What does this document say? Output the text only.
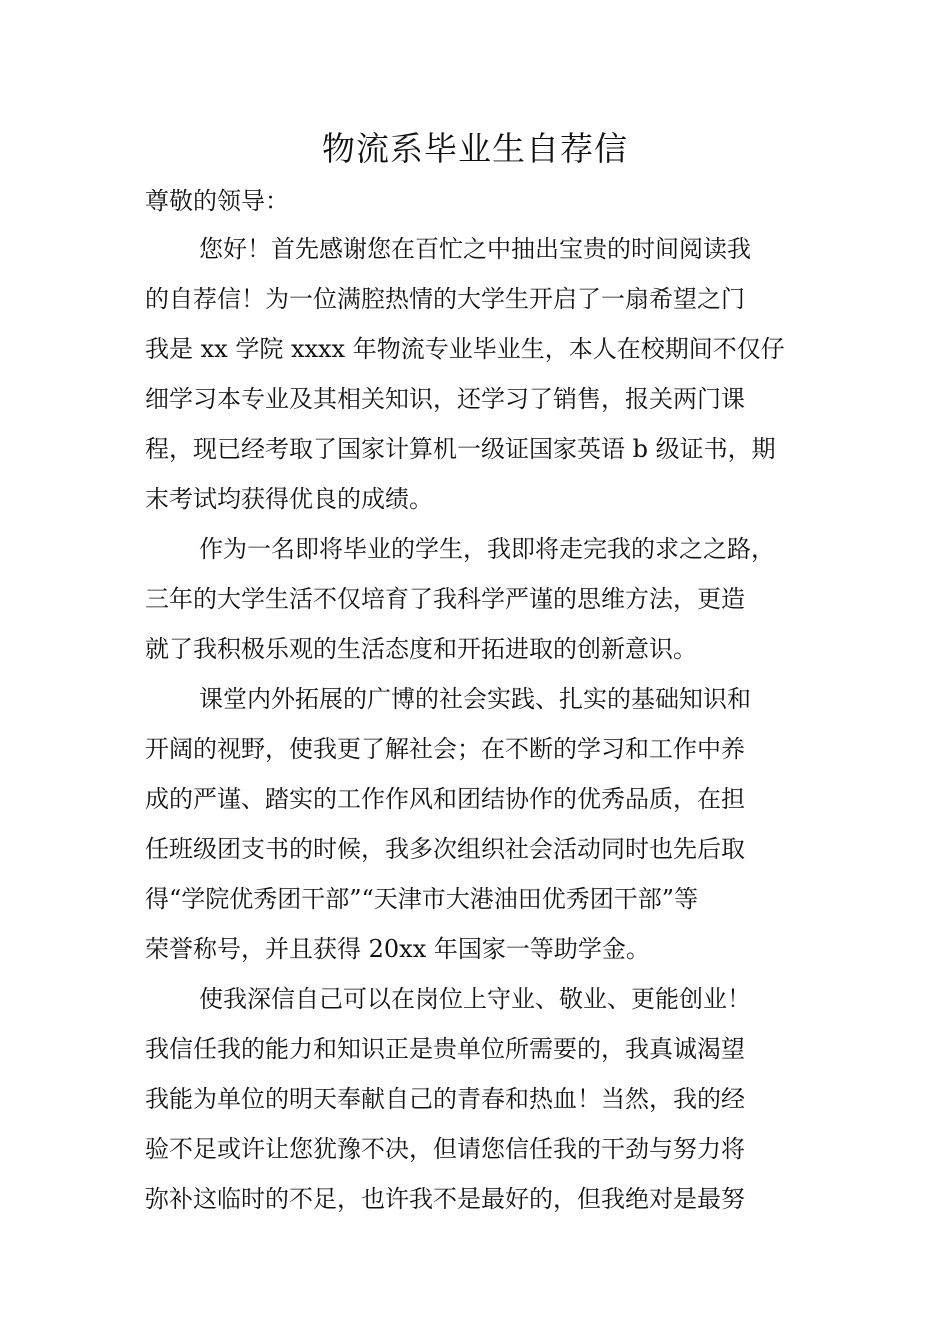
物流系毕业生自荐信
尊敬的领导：
您好！首先感谢您在百忙之中抽出宝贵的时间阅读我
的自荐信！为一位满腔热情的大学生开启了一扇希望之门
我是 xx 学院 xxxx 年物流专业毕业生，本人在校期间不仅仔
细学习本专业及其相关知识，还学习了销售，报关两门课
程，现已经考取了国家计算机一级证国家英语 b 级证书，期
末考试均获得优良的成绩。
作为一名即将毕业的学生，我即将走完我的求之之路，
三年的大学生活不仅培育了我科学严谨的思维方法，更造
就了我积极乐观的生活态度和开拓进取的创新意识。
课堂内外拓展的广博的社会实践、扎实的基础知识和
开阔的视野，使我更了解社会；在不断的学习和工作中养
成的严谨、踏实的工作作风和团结协作的优秀品质，在担
任班级团支书的时候，我多次组织社会活动同时也先后取
得“学院优秀团干部”“天津市大港油田优秀团干部”等
荣誉称号，并且获得 20xx 年国家一等助学金。
使我深信自己可以在岗位上守业、敬业、更能创业！
我信任我的能力和知识正是贵单位所需要的，我真诚渴望
我能为单位的明天奉献自己的青春和热血！当然，我的经
验不足或许让您犹豫不决，但请您信任我的干劲与努力将
弥补这临时的不足，也许我不是最好的，但我绝对是最努
